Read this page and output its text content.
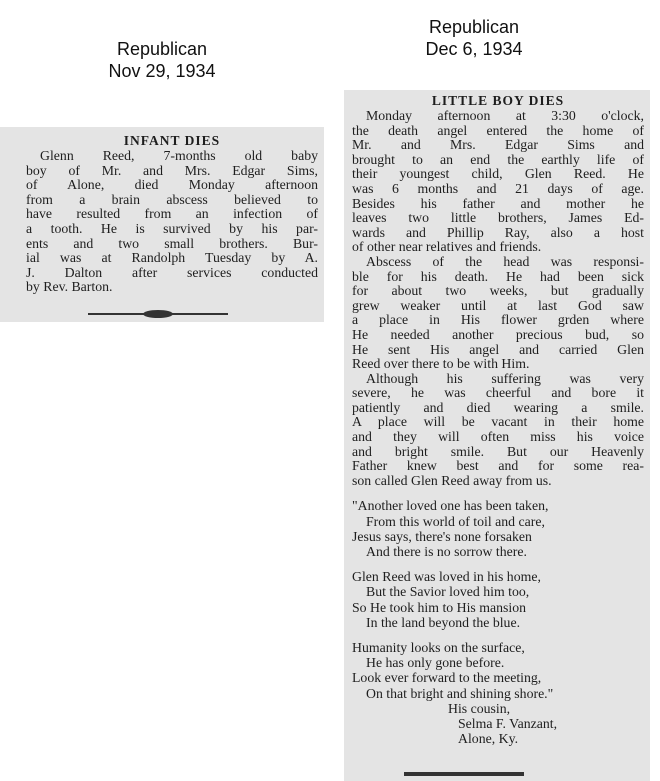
Republican
Nov 29, 1934
Republican
Dec 6, 1934
INFANT DIES
Glenn Reed, 7-months old baby
boy of Mr. and Mrs. Edgar Sims,
of Alone, died Monday afternoon
from a brain abscess believed to
have resulted from an infection of
a tooth. He is survived by his par-
ents and two small brothers. Bur-
ial was at Randolph Tuesday by A.
J. Dalton after services conducted
by Rev. Barton.
LITTLE BOY DIES
Monday afternoon at 3:30 o'clock,
the death angel entered the home of
Mr. and Mrs. Edgar Sims and
brought to an end the earthly life of
their youngest child, Glen Reed. He
was 6 months and 21 days of age.
Besides his father and mother he
leaves two little brothers, James Ed-
wards and Phillip Ray, also a host
of other near relatives and friends.
Abscess of the head was responsi-
ble for his death. He had been sick
for about two weeks, but gradually
grew weaker until at last God saw
a place in His flower grden where
He needed another precious bud, so
He sent His angel and carried Glen
Reed over there to be with Him.
Although his suffering was very
severe, he was cheerful and bore it
patiently and died wearing a smile.
A place will be vacant in their home
and they will often miss his voice
and bright smile. But our Heavenly
Father knew best and for some rea-
son called Glen Reed away from us.
"Another loved one has been taken,
From this world of toil and care,
Jesus says, there's none forsaken
And there is no sorrow there.
Glen Reed was loved in his home,
But the Savior loved him too,
So He took him to His mansion
In the land beyond the blue.
Humanity looks on the surface,
He has only gone before.
Look ever forward to the meeting,
On that bright and shining shore."
His cousin,
Selma F. Vanzant,
Alone, Ky.
